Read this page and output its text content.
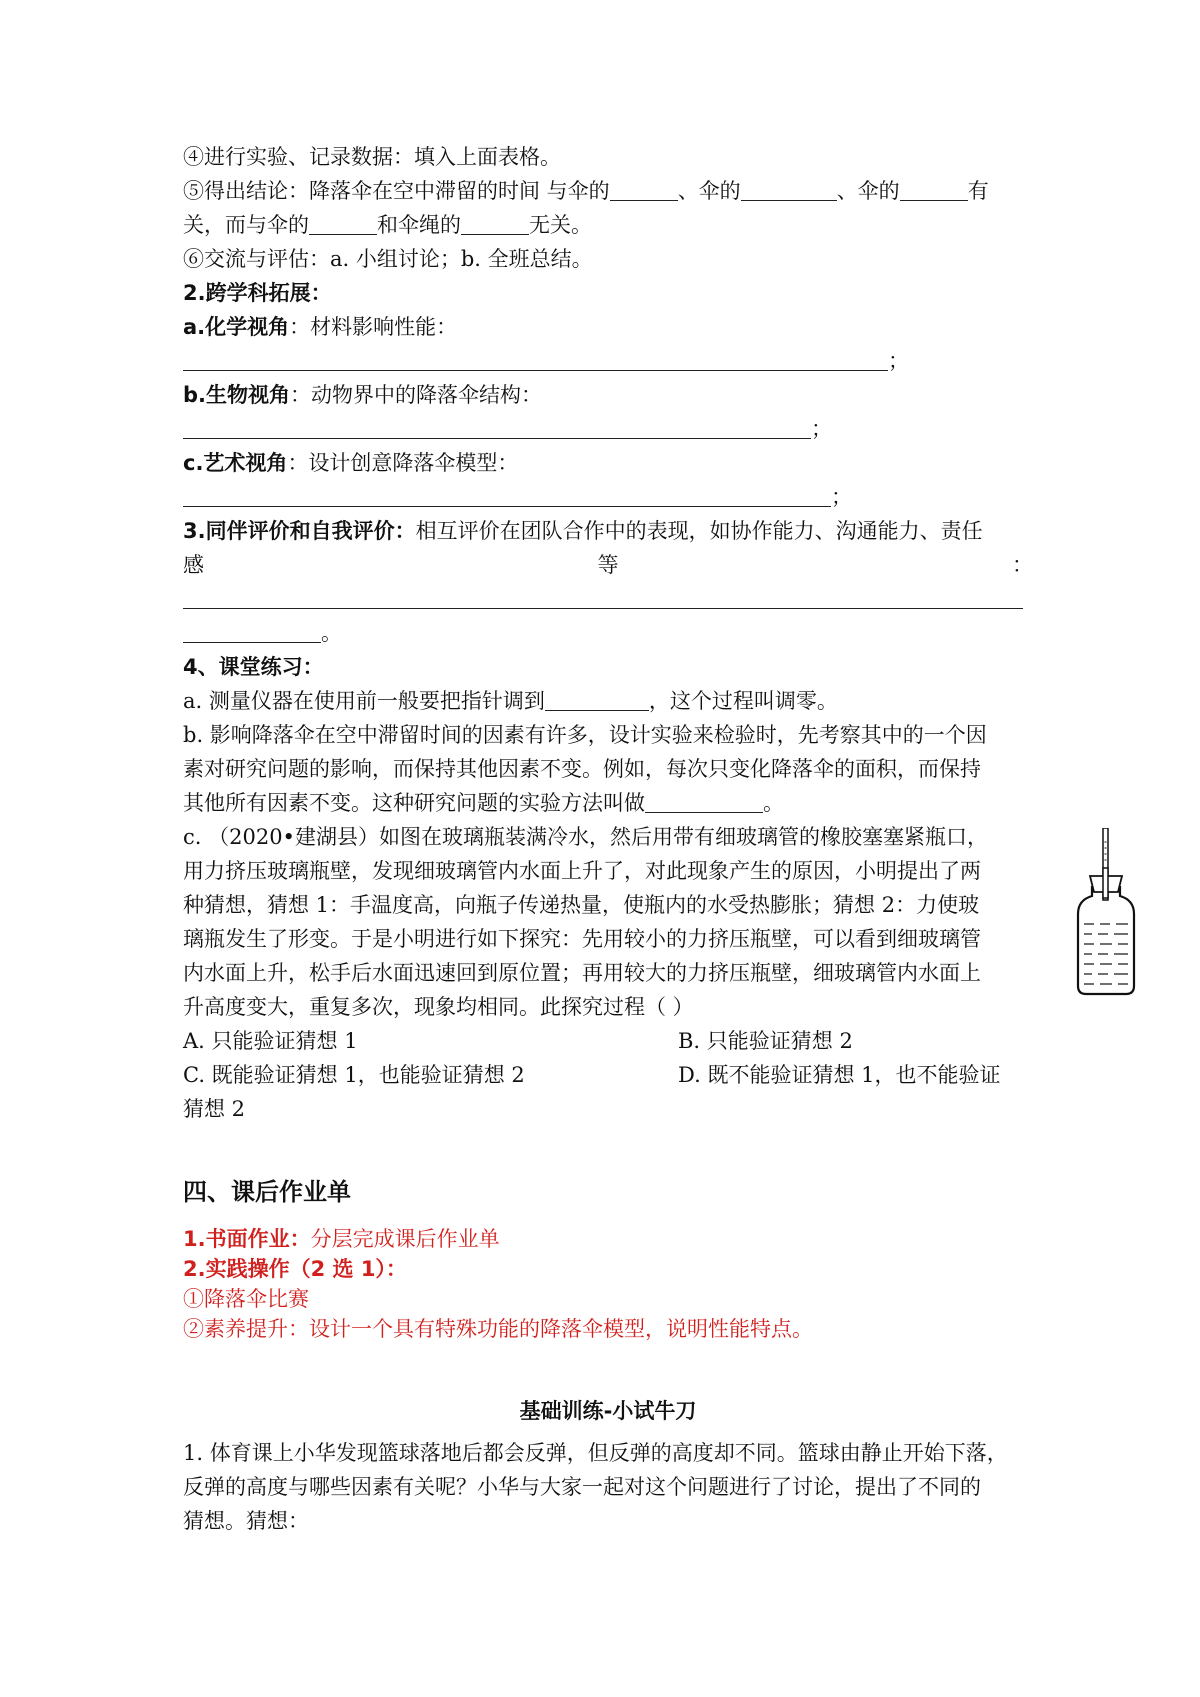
④进行实验、记录数据：填入上面表格。
⑤得出结论：降落伞在空中滞留的时间 与伞的	、伞的	、伞的	有
关，而与伞的	和伞绳的	无关。
⑥交流与评估：a. 小组讨论；b. 全班总结。
2.跨学科拓展：
a.化学视角：材料影响性能：
；
b.生物视角：动物界中的降落伞结构：
；
c.艺术视角：设计创意降落伞模型：
；
3.同伴评价和自我评价：相互评价在团队合作中的表现，如协作能力、沟通能力、责任
感	等	：
。
4、课堂练习：
a. 测量仪器在使用前一般要把指针调到	，这个过程叫调零。
b. 影响降落伞在空中滞留时间的因素有许多，设计实验来检验时，先考察其中的一个因
素对研究问题的影响，而保持其他因素不变。例如，每次只变化降落伞的面积，而保持
其他所有因素不变。这种研究问题的实验方法叫做	。
c. （2020•建湖县）如图在玻璃瓶装满冷水，然后用带有细玻璃管的橡胶塞塞紧瓶口，
用力挤压玻璃瓶壁，发现细玻璃管内水面上升了，对此现象产生的原因，小明提出了两
种猜想，猜想 1：手温度高，向瓶子传递热量，使瓶内的水受热膨胀；猜想 2：力使玻
璃瓶发生了形变。于是小明进行如下探究：先用较小的力挤压瓶壁，可以看到细玻璃管
内水面上升，松手后水面迅速回到原位置；再用较大的力挤压瓶壁，细玻璃管内水面上
升高度变大，重复多次，现象均相同。此探究过程（ ）
A. 只能验证猜想 1	B. 只能验证猜想 2
C. 既能验证猜想 1，也能验证猜想 2	D. 既不能验证猜想 1，也不能验证
猜想 2
四、课后作业单
1.书面作业：分层完成课后作业单
2.实践操作（2 选 1）：
①降落伞比赛
②素养提升：设计一个具有特殊功能的降落伞模型，说明性能特点。
基础训练-小试牛刀
1. 体育课上小华发现篮球落地后都会反弹，但反弹的高度却不同。篮球由静止开始下落，
反弹的高度与哪些因素有关呢？小华与大家一起对这个问题进行了讨论，提出了不同的
猜想。猜想：
